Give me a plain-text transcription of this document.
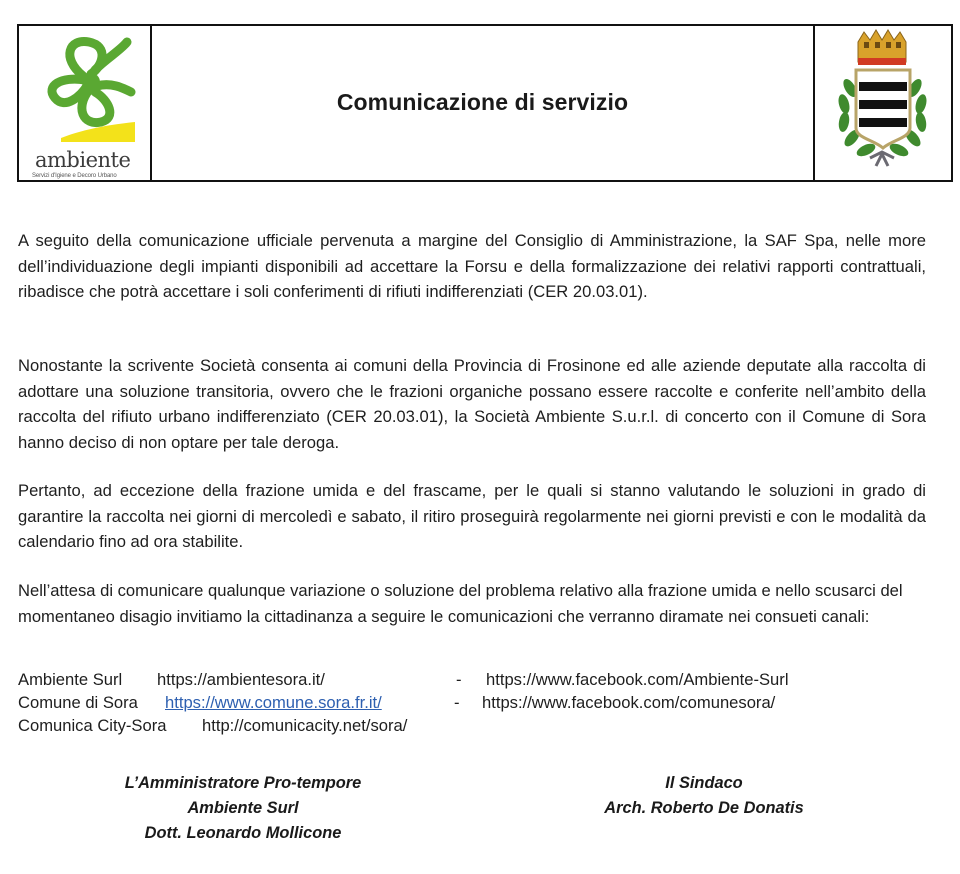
ambiente
Servizi d'Igiene e Decoro Urbano
Comunicazione di servizio
A seguito della comunicazione ufficiale pervenuta a margine del Consiglio di Amministrazione, la SAF Spa, nelle more dell’individuazione degli impianti disponibili ad accettare la Forsu e della formalizzazione dei relativi rapporti contrattuali, ribadisce che potrà accettare i soli conferimenti di rifiuti indifferenziati (CER 20.03.01).
Nonostante la scrivente Società consenta ai comuni della Provincia di Frosinone ed alle aziende deputate alla raccolta di adottare una soluzione transitoria, ovvero che le frazioni organiche possano essere raccolte e conferite nell’ambito della raccolta del rifiuto urbano indifferenziato (CER 20.03.01), la Società Ambiente S.u.r.l. di concerto con il Comune di Sora hanno deciso di non optare per tale deroga.
Pertanto, ad eccezione della frazione umida e del frascame, per le quali si stanno valutando le soluzioni in grado di garantire la raccolta nei giorni di mercoledì e sabato, il ritiro proseguirà regolarmente nei giorni previsti e con le modalità da calendario fino ad ora stabilite.
Nell’attesa di comunicare qualunque variazione o soluzione del problema relativo alla frazione umida e nello scusarci del momentaneo disagio invitiamo la cittadinanza a seguire le comunicazioni che verranno diramate nei consueti canali:
Ambiente Surl https://ambientesora.it/	- https://www.facebook.com/Ambiente-Surl
Comune di Sora https://www.comune.sora.fr.it/	- https://www.facebook.com/comunesora/
Comunica City-Sora http://comunicacity.net/sora/
L’Amministratore Pro-tempore
Ambiente Surl
Dott. Leonardo Mollicone
Il Sindaco
Arch. Roberto De Donatis
